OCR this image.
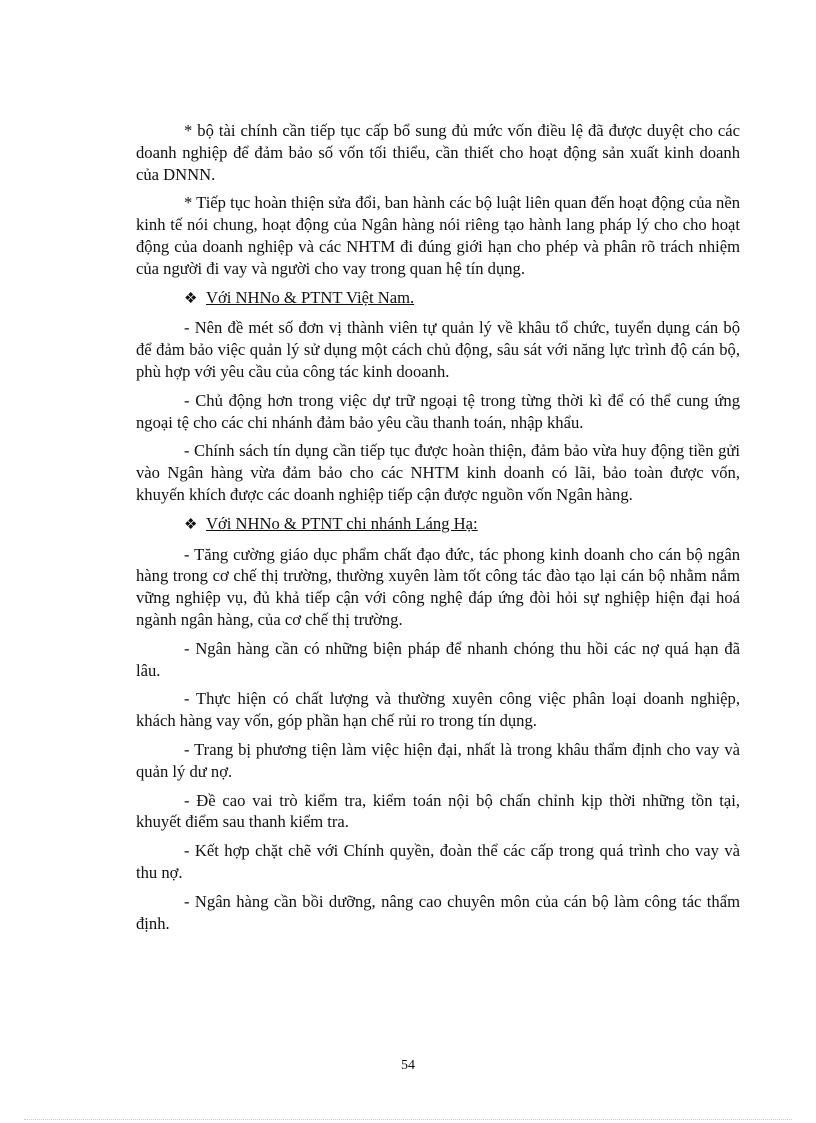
* bộ tài chính cần tiếp tục cấp bổ sung đủ mức vốn điều lệ đã được duyệt cho các doanh nghiệp để đảm bảo số vốn tối thiểu, cần thiết cho hoạt động sản xuất kinh doanh của DNNN.

* Tiếp tục hoàn thiện sửa đổi, ban hành các bộ luật liên quan đến hoạt động của nền kinh tế nói chung, hoạt động của Ngân hàng nói riêng tạo hành lang pháp lý cho cho hoạt động của doanh nghiệp và các NHTM đi đúng giới hạn cho phép và phân rõ trách nhiệm của người đi vay và người cho vay trong quan hệ tín dụng.

❖ Với NHNo & PTNT Việt Nam.

- Nên đề mét số đơn vị thành viên tự quản lý về khâu tổ chức, tuyển dụng cán bộ để đảm bảo việc quản lý sử dụng một cách chủ động, sâu sát với năng lực trình độ cán bộ, phù hợp với yêu cầu của công tác kinh dooanh.

- Chủ động hơn trong việc dự trữ ngoại tệ trong từng thời kì để có thể cung ứng ngoại tệ cho các chi nhánh đảm bảo yêu cầu thanh toán, nhập khẩu.

- Chính sách tín dụng cần tiếp tục được hoàn thiện, đảm bảo vừa huy động tiền gửi vào Ngân hàng vừa đảm bảo cho các NHTM kinh doanh có lãi, bảo toàn được vốn, khuyến khích được các doanh nghiệp tiếp cận được nguồn vốn Ngân hàng.

❖ Với NHNo & PTNT chi nhánh Láng Hạ:

- Tăng cường giáo dục phẩm chất đạo đức, tác phong kinh doanh cho cán bộ ngân hàng trong cơ chế thị trường, thường xuyên làm tốt công tác đào tạo lại cán bộ nhằm nắm vững nghiệp vụ, đủ khả tiếp cận với công nghệ đáp ứng đòi hỏi sự nghiệp hiện đại hoá ngành ngân hàng, của cơ chế thị trường.

- Ngân hàng cần có những biện pháp để nhanh chóng thu hồi các nợ quá hạn đã lâu.

- Thực hiện có chất lượng và thường xuyên công việc phân loại doanh nghiệp, khách hàng vay vốn, góp phần hạn chế rủi ro trong tín dụng.

- Trang bị phương tiện làm việc hiện đại, nhất là trong khâu thẩm định cho vay và quản lý dư nợ.

- Đề cao vai trò kiểm tra, kiểm toán nội bộ chấn chỉnh kịp thời những tồn tại, khuyết điểm sau thanh kiểm tra.

- Kết hợp chặt chẽ với Chính quyền, đoàn thể các cấp trong quá trình cho vay và thu nợ.

- Ngân hàng cần bồi dưỡng, nâng cao chuyên môn của cán bộ làm công tác thẩm định.

54
